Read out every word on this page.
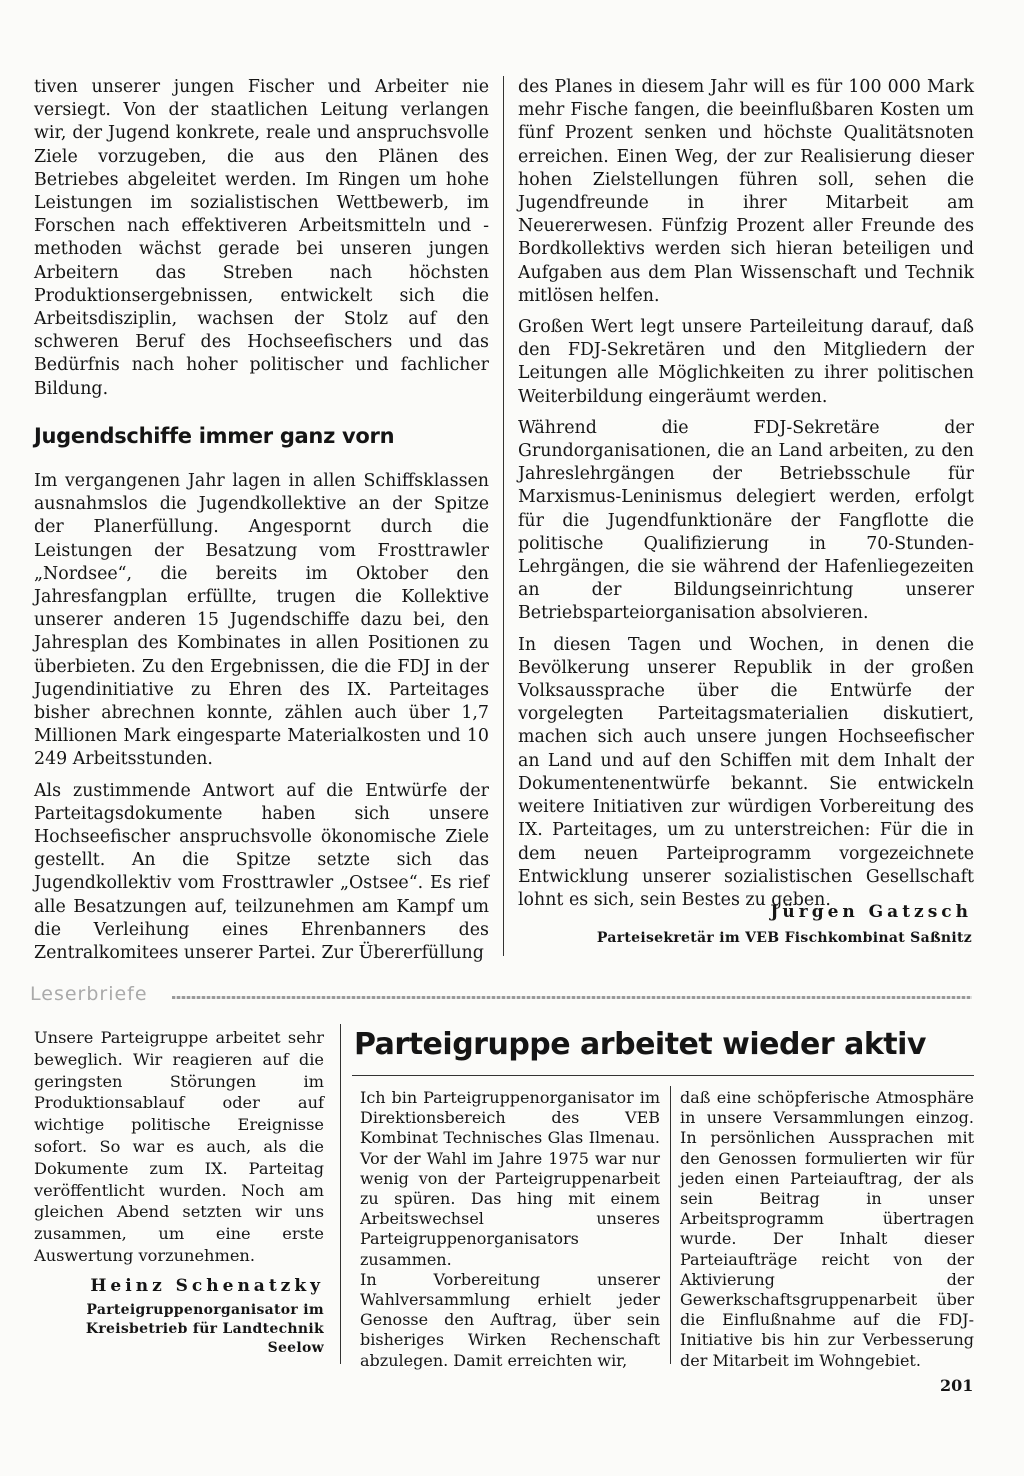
tiven unserer jungen Fischer und Arbeiter nie versiegt. Von der staatlichen Leitung verlangen wir, der Jugend konkrete, reale und anspruchsvolle Ziele vorzugeben, die aus den Plänen des Betriebes abgeleitet werden. Im Ringen um hohe Leistungen im sozialistischen Wettbewerb, im Forschen nach effektiveren Arbeitsmitteln und -methoden wächst gerade bei unseren jungen Arbeitern das Streben nach höchsten Produktionsergebnissen, entwickelt sich die Arbeitsdisziplin, wachsen der Stolz auf den schweren Beruf des Hochseefischers und das Bedürfnis nach hoher politischer und fachlicher Bildung.

Jugendschiffe immer ganz vorn

Im vergangenen Jahr lagen in allen Schiffsklassen ausnahmslos die Jugendkollektive an der Spitze der Planerfüllung. Angespornt durch die Leistungen der Besatzung vom Frosttrawler „Nordsee“, die bereits im Oktober den Jahresfangplan erfüllte, trugen die Kollektive unserer anderen 15 Jugendschiffe dazu bei, den Jahresplan des Kombinates in allen Positionen zu überbieten. Zu den Ergebnissen, die die FDJ in der Jugendinitiative zu Ehren des IX. Parteitages bisher abrechnen konnte, zählen auch über 1,7 Millionen Mark eingesparte Materialkosten und 10 249 Arbeitsstunden.

Als zustimmende Antwort auf die Entwürfe der Parteitagsdokumente haben sich unsere Hochseefischer anspruchsvolle ökonomische Ziele gestellt. An die Spitze setzte sich das Jugendkollektiv vom Frosttrawler „Ostsee“. Es rief alle Besatzungen auf, teilzunehmen am Kampf um die Verleihung eines Ehrenbanners des Zentralkomitees unserer Partei. Zur Übererfüllung

des Planes in diesem Jahr will es für 100 000 Mark mehr Fische fangen, die beeinflußbaren Kosten um fünf Prozent senken und höchste Qualitätsnoten erreichen. Einen Weg, der zur Realisierung dieser hohen Zielstellungen führen soll, sehen die Jugendfreunde in ihrer Mitarbeit am Neuererwesen. Fünfzig Prozent aller Freunde des Bordkollektivs werden sich hieran beteiligen und Aufgaben aus dem Plan Wissenschaft und Technik mitlösen helfen.

Großen Wert legt unsere Parteileitung darauf, daß den FDJ-Sekretären und den Mitgliedern der Leitungen alle Möglichkeiten zu ihrer politischen Weiterbildung eingeräumt werden.

Während die FDJ-Sekretäre der Grundorganisationen, die an Land arbeiten, zu den Jahreslehrgängen der Betriebsschule für Marxismus-Leninismus delegiert werden, erfolgt für die Jugendfunktionäre der Fangflotte die politische Qualifizierung in 70-Stunden-Lehrgängen, die sie während der Hafenliegezeiten an der Bildungseinrichtung unserer Betriebsparteiorganisation absolvieren.

In diesen Tagen und Wochen, in denen die Bevölkerung unserer Republik in der großen Volksaussprache über die Entwürfe der vorgelegten Parteitagsmaterialien diskutiert, machen sich auch unsere jungen Hochseefischer an Land und auf den Schiffen mit dem Inhalt der Dokumentenentwürfe bekannt. Sie entwickeln weitere Initiativen zur würdigen Vorbereitung des IX. Parteitages, um zu unterstreichen: Für die in dem neuen Parteiprogramm vorgezeichnete Entwicklung unserer sozialistischen Gesellschaft lohnt es sich, sein Bestes zu geben.

Jürgen Gatzsch
Parteisekretär im VEB Fischkombinat Saßnitz
Leserbriefe

Unsere Parteigruppe arbeitet sehr beweglich. Wir reagieren auf die geringsten Störungen im Produktionsablauf oder auf wichtige politische Ereignisse sofort. So war es auch, als die Dokumente zum IX. Parteitag veröffentlicht wurden. Noch am gleichen Abend setzten wir uns zusammen, um eine erste Auswertung vorzunehmen.

Heinz Schenatzky
Parteigruppenorganisator im
Kreisbetrieb für Landtechnik
Seelow
Parteigruppe arbeitet wieder aktiv

Ich bin Parteigruppenorganisator im Direktionsbereich des VEB Kombinat Technisches Glas Ilmenau. Vor der Wahl im Jahre 1975 war nur wenig von der Parteigruppenarbeit zu spüren. Das hing mit einem Arbeitswechsel unseres Parteigruppenorganisators zusammen.

In Vorbereitung unserer Wahlversammlung erhielt jeder Genosse den Auftrag, über sein bisheriges Wirken Rechenschaft abzulegen. Damit erreichten wir,

daß eine schöpferische Atmosphäre in unsere Versammlungen einzog. In persönlichen Aussprachen mit den Genossen formulierten wir für jeden einen Parteiauftrag, der als sein Beitrag in unser Arbeitsprogramm übertragen wurde. Der Inhalt dieser Parteiaufträge reicht von der Aktivierung der Gewerkschaftsgruppenarbeit über die Einflußnahme auf die FDJ-Initiative bis hin zur Verbesserung der Mitarbeit im Wohngebiet.

201
